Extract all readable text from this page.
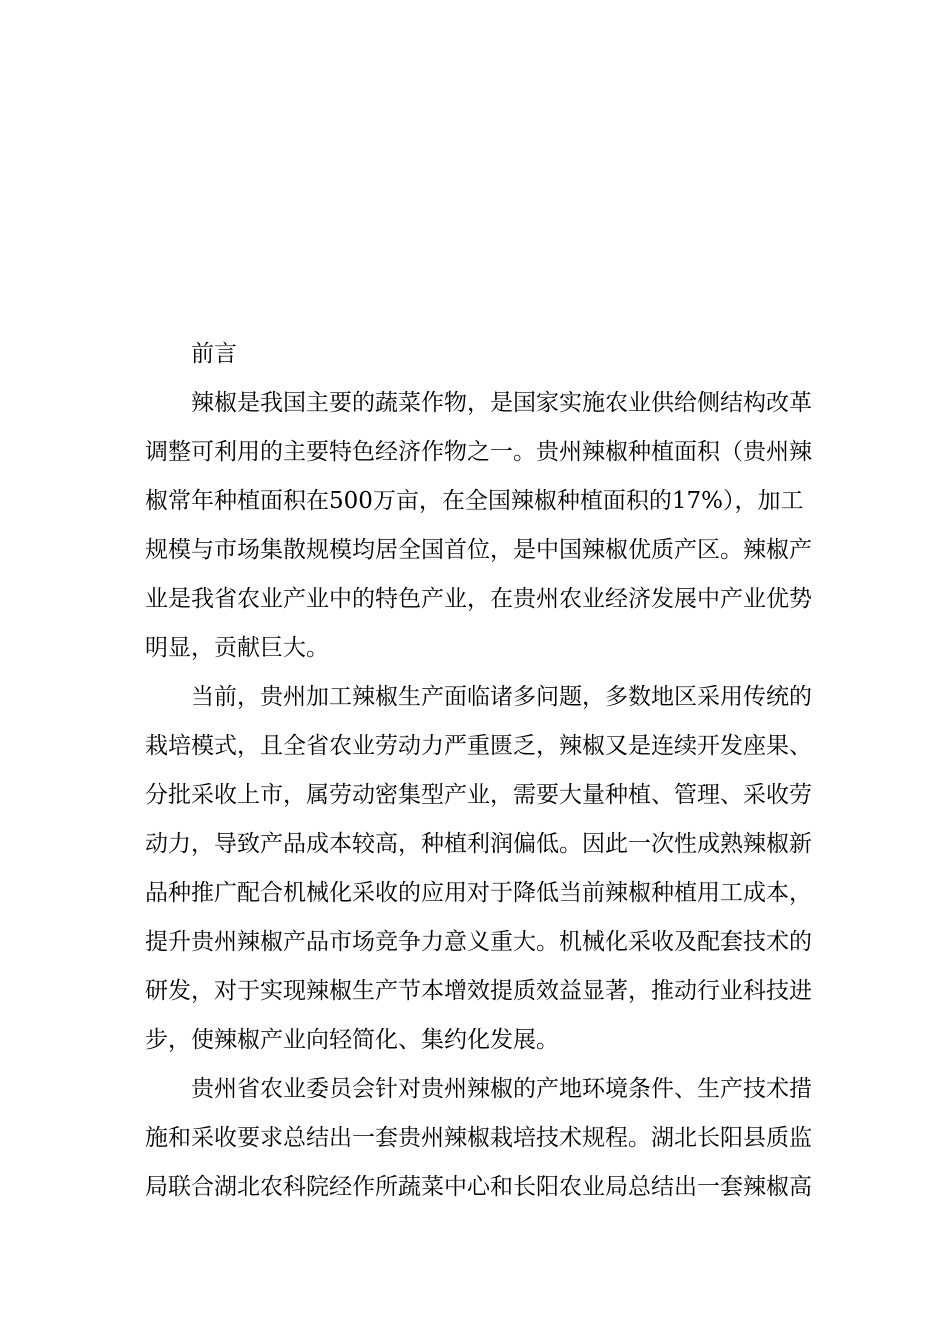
前言

辣椒是我国主要的蔬菜作物，是国家实施农业供给侧结构改革
调整可利用的主要特色经济作物之一。贵州辣椒种植面积（贵州辣
椒常年种植面积在500万亩，在全国辣椒种植面积的17%），加工
规模与市场集散规模均居全国首位，是中国辣椒优质产区。辣椒产
业是我省农业产业中的特色产业，在贵州农业经济发展中产业优势
明显，贡献巨大。

当前，贵州加工辣椒生产面临诸多问题，多数地区采用传统的
栽培模式，且全省农业劳动力严重匮乏，辣椒又是连续开发座果、
分批采收上市，属劳动密集型产业，需要大量种植、管理、采收劳
动力，导致产品成本较高，种植利润偏低。因此一次性成熟辣椒新
品种推广配合机械化采收的应用对于降低当前辣椒种植用工成本，
提升贵州辣椒产品市场竞争力意义重大。机械化采收及配套技术的
研发，对于实现辣椒生产节本增效提质效益显著，推动行业科技进
步，使辣椒产业向轻简化、集约化发展。

贵州省农业委员会针对贵州辣椒的产地环境条件、生产技术措
施和采收要求总结出一套贵州辣椒栽培技术规程。湖北长阳县质监
局联合湖北农科院经作所蔬菜中心和长阳农业局总结出一套辣椒高
